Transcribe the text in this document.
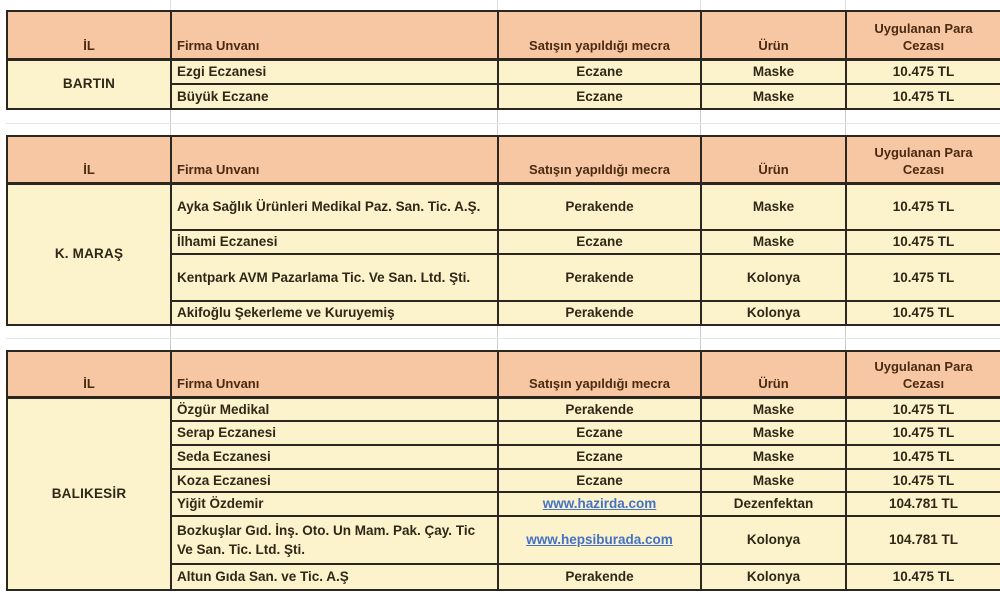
İL	Firma Unvanı	Satışın yapıldığı mecra	Ürün	Uygulanan Para Cezası
BARTIN	Ezgi Eczanesi	Eczane	Maske	10.475 TL
	Büyük Eczane	Eczane	Maske	10.475 TL
İL	Firma Unvanı	Satışın yapıldığı mecra	Ürün	Uygulanan Para Cezası
K. MARAŞ	Ayka Sağlık Ürünleri Medikal Paz. San. Tic. A.Ş.	Perakende	Maske	10.475 TL
	İlhami Eczanesi	Eczane	Maske	10.475 TL
	Kentpark AVM Pazarlama Tic. Ve San. Ltd. Şti.	Perakende	Kolonya	10.475 TL
	Akifoğlu Şekerleme ve Kuruyemiş	Perakende	Kolonya	10.475 TL
İL	Firma Unvanı	Satışın yapıldığı mecra	Ürün	Uygulanan Para Cezası
BALIKESİR	Özgür Medikal	Perakende	Maske	10.475 TL
	Serap Eczanesi	Eczane	Maske	10.475 TL
	Seda Eczanesi	Eczane	Maske	10.475 TL
	Koza Eczanesi	Eczane	Maske	10.475 TL
	Yiğit Özdemir	www.hazirda.com	Dezenfektan	104.781 TL
	Bozkuşlar Gıd. İnş. Oto. Un Mam. Pak. Çay. Tic Ve San. Tic. Ltd. Şti.	www.hepsiburada.com	Kolonya	104.781 TL
	Altun Gıda San. ve Tic. A.Ş	Perakende	Kolonya	10.475 TL
